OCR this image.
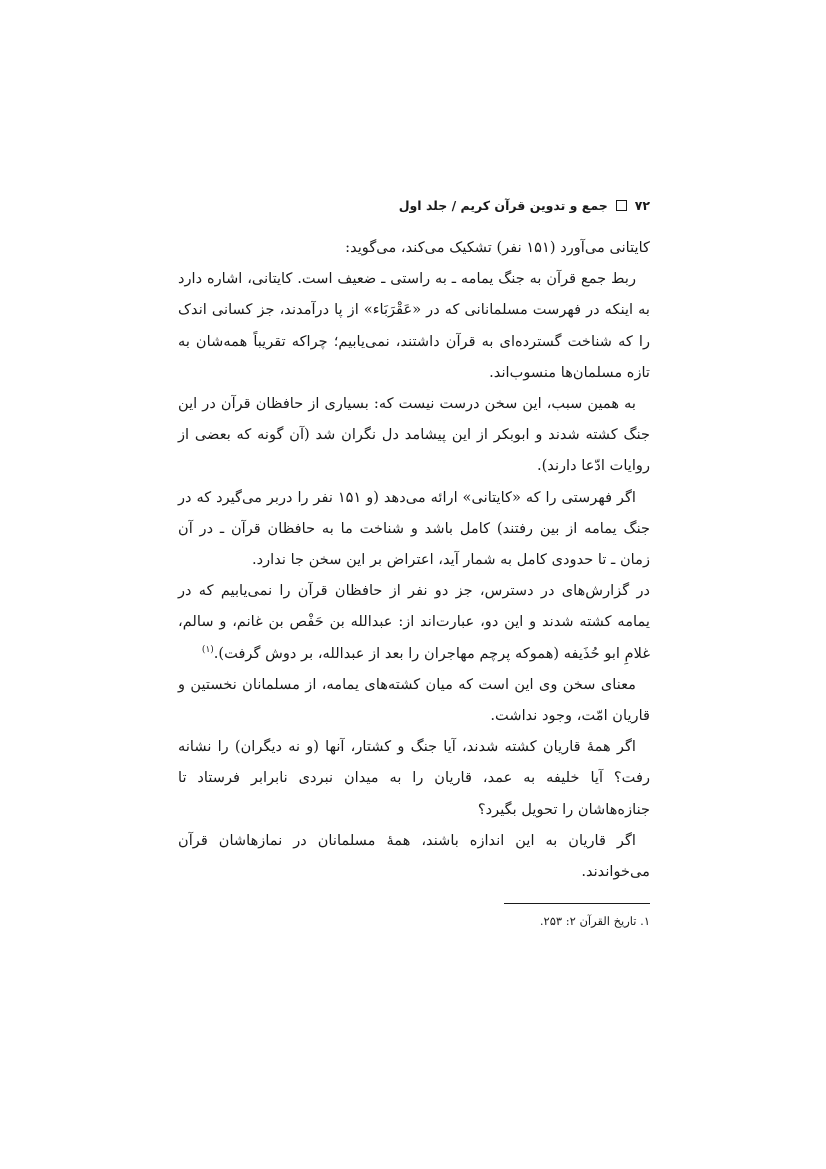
۷۲
جمع و تدوین قرآن کریم / جلد اول

کایتانی می‌آورد (۱۵۱ نفر) تشکیک می‌کند، می‌گوید:

ربط جمع قرآن به جنگ یمامه ـ به راستی ـ ضعیف است. کایتانی، اشاره دارد به اینکه در فهرست مسلمانانی که در «عَقْرَبَاء» از پا درآمدند، جز کسانی اندک را که شناخت گسترده‌ای به قرآن داشتند، نمی‌یابیم؛ چراکه تقریباً همه‌شان به تازه مسلمان‌ها منسوب‌اند.

به همین سبب، این سخن درست نیست که: بسیاری از حافظان قرآن در این جنگ کشته شدند و ابوبکر از این پیشامد دل نگران شد (آن گونه که بعضی از روایات ادّعا دارند).

اگر فهرستی را که «کایتانی» ارائه می‌دهد (و ۱۵۱ نفر را دربر می‌گیرد که در جنگ یمامه از بین رفتند) کامل باشد و شناخت ما به حافظان قرآن ـ در آن زمان ـ تا حدودی کامل به شمار آید، اعتراض بر این سخن جا ندارد.

در گزارش‌های در دسترس، جز دو نفر از حافظان قرآن را نمی‌یابیم که در یمامه کشته شدند و این دو، عبارت‌اند از: عبدالله بن حَفْص بن غانم، و سالم، غلامِ ابو حُذَیفه (هموکه پرچم مهاجران را بعد از عبدالله، بر دوش گرفت).$^{(۱)}$

معنای سخن وی این است که میان کشته‌های یمامه، از مسلمانان نخستین و قاریان امّت، وجود نداشت.

اگر همهٔ قاریان کشته شدند، آیا جنگ و کشتار، آنها (و نه دیگران) را نشانه رفت؟ آیا خلیفه به عمد، قاریان را به میدان نبردی نابرابر فرستاد تا جنازه‌هاشان را تحویل بگیرد؟

اگر قاریان به این اندازه باشند، همهٔ مسلمانان در نمازهاشان قرآن می‌خواندند.

۱. تاریخ القرآن ۲: ۲۵۳.
